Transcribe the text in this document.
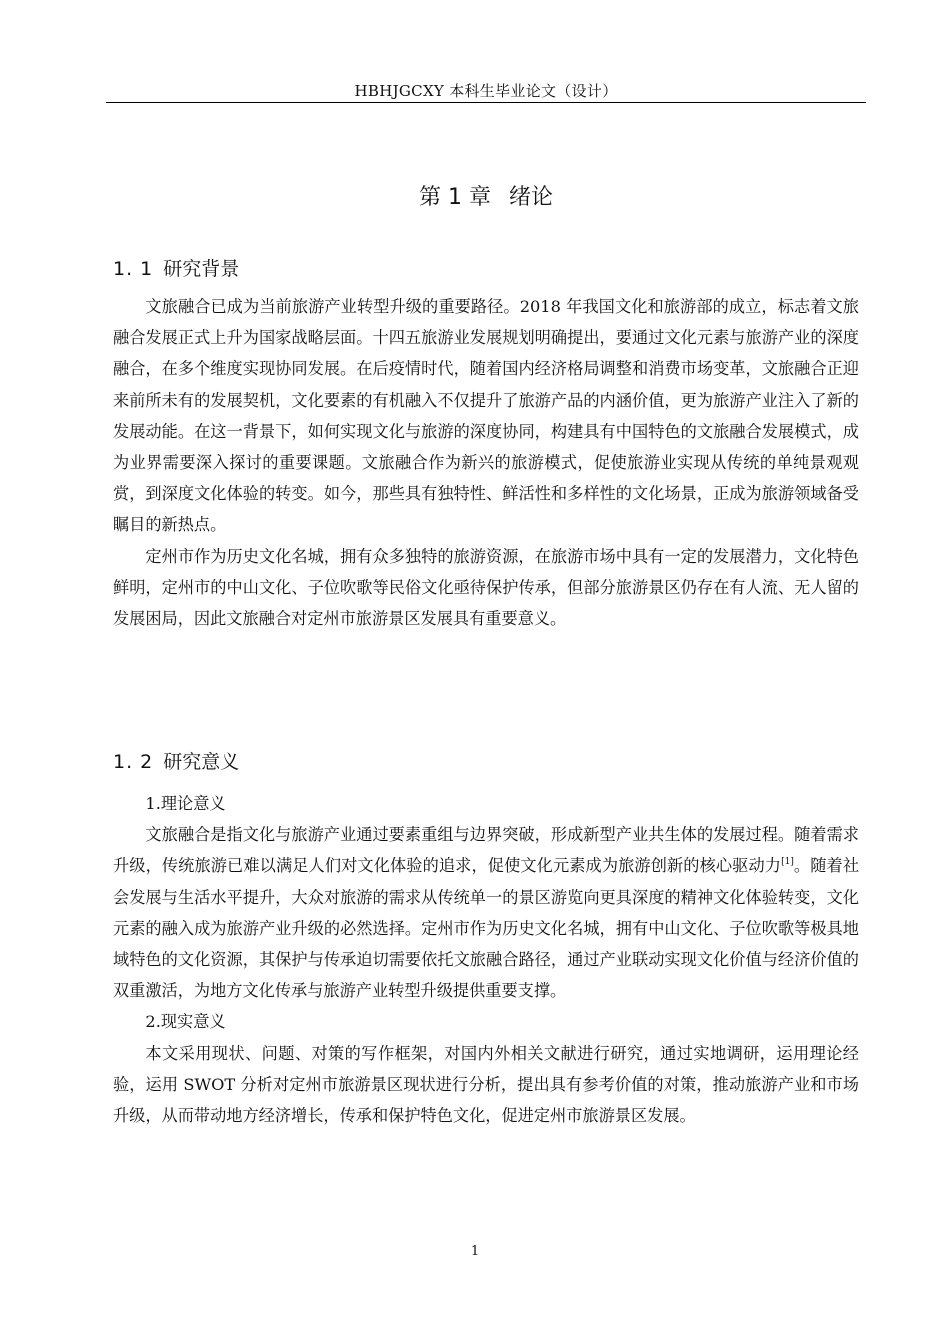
HBHJGCXY 本科生毕业论文（设计）
第 1 章 绪论
1. 1 研究背景

文旅融合已成为当前旅游产业转型升级的重要路径。2018 年我国文化和旅游部的成立，标志着文旅融合发展正式上升为国家战略层面。十四五旅游业发展规划明确提出，要通过文化元素与旅游产业的深度融合，在多个维度实现协同发展。在后疫情时代，随着国内经济格局调整和消费市场变革，文旅融合正迎来前所未有的发展契机，文化要素的有机融入不仅提升了旅游产品的内涵价值，更为旅游产业注入了新的发展动能。在这一背景下，如何实现文化与旅游的深度协同，构建具有中国特色的文旅融合发展模式，成为业界需要深入探讨的重要课题。文旅融合作为新兴的旅游模式，促使旅游业实现从传统的单纯景观观赏，到深度文化体验的转变。如今，那些具有独特性、鲜活性和多样性的文化场景，正成为旅游领域备受瞩目的新热点。

定州市作为历史文化名城，拥有众多独特的旅游资源，在旅游市场中具有一定的发展潜力，文化特色鲜明，定州市的中山文化、子位吹歌等民俗文化亟待保护传承，但部分旅游景区仍存在有人流、无人留的发展困局，因此文旅融合对定州市旅游景区发展具有重要意义。

1. 2 研究意义
1.理论意义

文旅融合是指文化与旅游产业通过要素重组与边界突破，形成新型产业共生体的发展过程。随着需求升级，传统旅游已难以满足人们对文化体验的追求，促使文化元素成为旅游创新的核心驱动力[1]。随着社会发展与生活水平提升，大众对旅游的需求从传统单一的景区游览向更具深度的精神文化体验转变，文化元素的融入成为旅游产业升级的必然选择。定州市作为历史文化名城，拥有中山文化、子位吹歌等极具地域特色的文化资源，其保护与传承迫切需要依托文旅融合路径，通过产业联动实现文化价值与经济价值的双重激活，为地方文化传承与旅游产业转型升级提供重要支撑。

2.现实意义

本文采用现状、问题、对策的写作框架，对国内外相关文献进行研究，通过实地调研，运用理论经验，运用 SWOT 分析对定州市旅游景区现状进行分析，提出具有参考价值的对策，推动旅游产业和市场升级，从而带动地方经济增长，传承和保护特色文化，促进定州市旅游景区发展。

1
